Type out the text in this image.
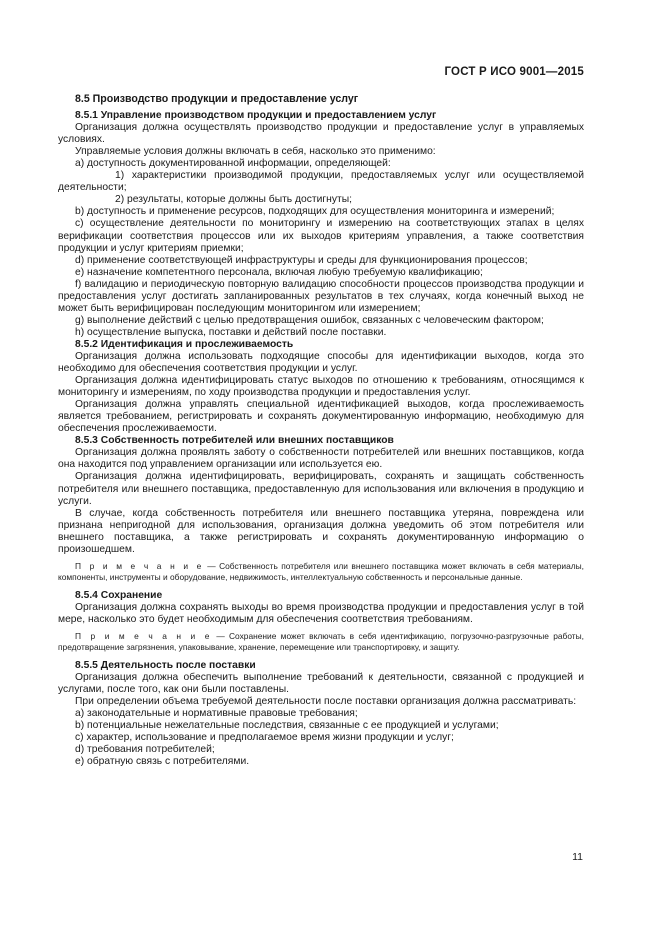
ГОСТ Р ИСО 9001—2015

8.5 Производство продукции и предоставление услуг

8.5.1 Управление производством продукции и предоставлением услуг

Организация должна осуществлять производство продукции и предоставление услуг в управляемых условиях.

Управляемые условия должны включать в себя, насколько это применимо:

a) доступность документированной информации, определяющей:

1) характеристики производимой продукции, предоставляемых услуг или осуществляемой деятельности;

2) результаты, которые должны быть достигнуты;

b) доступность и применение ресурсов, подходящих для осуществления мониторинга и измерений;

c) осуществление деятельности по мониторингу и измерению на соответствующих этапах в целях верификации соответствия процессов или их выходов критериям управления, а также соответствия продукции и услуг критериям приемки;

d) применение соответствующей инфраструктуры и среды для функционирования процессов;

e) назначение компетентного персонала, включая любую требуемую квалификацию;

f) валидацию и периодическую повторную валидацию способности процессов производства продукции и предоставления услуг достигать запланированных результатов в тех случаях, когда конечный выход не может быть верифицирован последующим мониторингом или измерением;

g) выполнение действий с целью предотвращения ошибок, связанных с человеческим фактором;

h) осуществление выпуска, поставки и действий после поставки.

8.5.2 Идентификация и прослеживаемость

Организация должна использовать подходящие способы для идентификации выходов, когда это необходимо для обеспечения соответствия продукции и услуг.

Организация должна идентифицировать статус выходов по отношению к требованиям, относящимся к мониторингу и измерениям, по ходу производства продукции и предоставления услуг.

Организация должна управлять специальной идентификацией выходов, когда прослеживаемость является требованием, регистрировать и сохранять документированную информацию, необходимую для обеспечения прослеживаемости.

8.5.3 Собственность потребителей или внешних поставщиков

Организация должна проявлять заботу о собственности потребителей или внешних поставщиков, когда она находится под управлением организации или используется ею.

Организация должна идентифицировать, верифицировать, сохранять и защищать собственность потребителя или внешнего поставщика, предоставленную для использования или включения в продукцию и услуги.

В случае, когда собственность потребителя или внешнего поставщика утеряна, повреждена или признана непригодной для использования, организация должна уведомить об этом потребителя или внешнего поставщика, а также регистрировать и сохранять документированную информацию о произошедшем.

П р и м е ч а н и е — Собственность потребителя или внешнего поставщика может включать в себя материалы, компоненты, инструменты и оборудование, недвижимость, интеллектуальную собственность и персональные данные.

8.5.4 Сохранение

Организация должна сохранять выходы во время производства продукции и предоставления услуг в той мере, насколько это будет необходимым для обеспечения соответствия требованиям.

П р и м е ч а н и е — Сохранение может включать в себя идентификацию, погрузочно-разгрузочные работы, предотвращение загрязнения, упаковывание, хранение, перемещение или транспортировку, и защиту.

8.5.5 Деятельность после поставки

Организация должна обеспечить выполнение требований к деятельности, связанной с продукцией и услугами, после того, как они были поставлены.

При определении объема требуемой деятельности после поставки организация должна рассматривать:

a) законодательные и нормативные правовые требования;

b) потенциальные нежелательные последствия, связанные с ее продукцией и услугами;

c) характер, использование и предполагаемое время жизни продукции и услуг;

d) требования потребителей;

e) обратную связь с потребителями.

11
